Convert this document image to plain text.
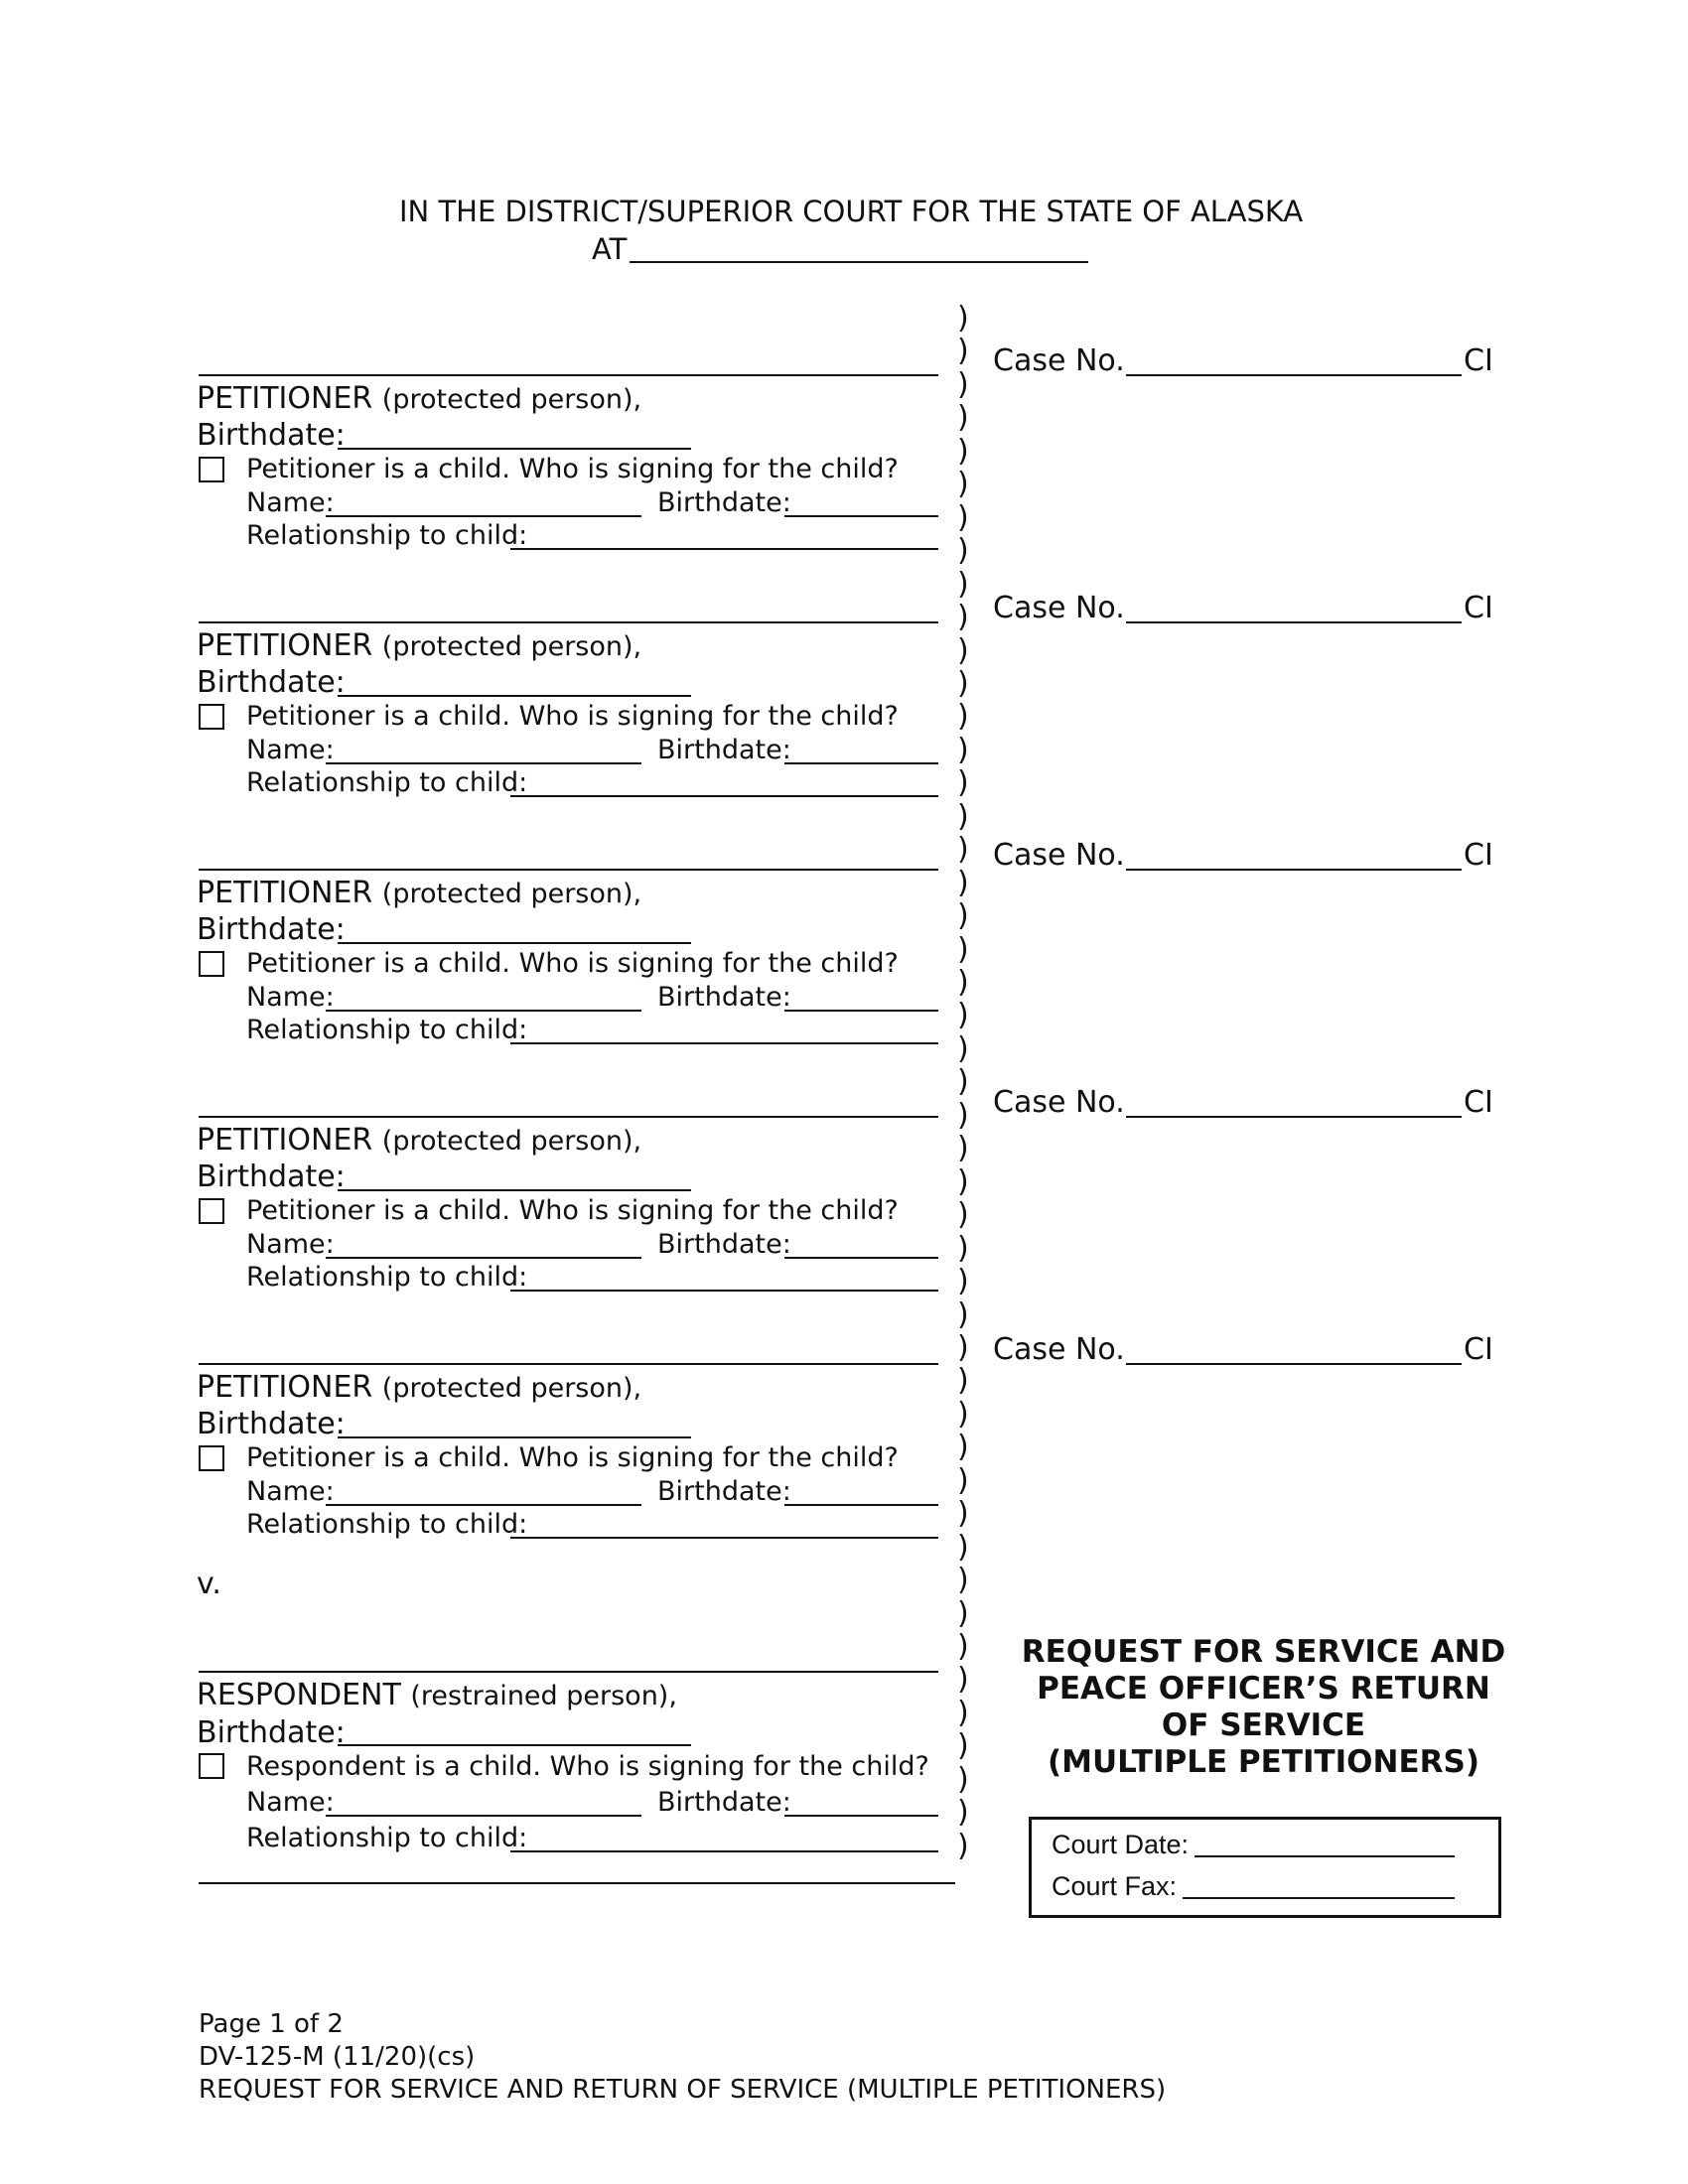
IN THE DISTRICT/SUPERIOR COURT FOR THE STATE OF ALASKA
AT
)
)
)
)
)
)
)
)
)
)
)
)
)
)
)
)
)
)
)
)
)
)
)
)
)
)
)
)
)
)
)
)
)
)
)
)
)
)
)
)
)
)
)
)
)
)
)
PETITIONER (protected person),
Birthdate:
Petitioner is a child. Who is signing for the child?
Name:	Birthdate:
Relationship to child:
PETITIONER (protected person),
Birthdate:
Petitioner is a child. Who is signing for the child?
Name:	Birthdate:
Relationship to child:
PETITIONER (protected person),
Birthdate:
Petitioner is a child. Who is signing for the child?
Name:	Birthdate:
Relationship to child:
PETITIONER (protected person),
Birthdate:
Petitioner is a child. Who is signing for the child?
Name:	Birthdate:
Relationship to child:
PETITIONER (protected person),
Birthdate:
Petitioner is a child. Who is signing for the child?
Name:	Birthdate:
Relationship to child:
Case No.	CI
Case No.	CI
Case No.	CI
Case No.	CI
Case No.	CI
v.
RESPONDENT (restrained person),
Birthdate:
Respondent is a child. Who is signing for the child?
Name:	Birthdate:
Relationship to child:
REQUEST FOR SERVICE AND
PEACE OFFICER’S RETURN
OF SERVICE
(MULTIPLE PETITIONERS)
Court Date:
Court Fax:
Page 1 of 2
DV-125-M (11/20)(cs)
REQUEST FOR SERVICE AND RETURN OF SERVICE (MULTIPLE PETITIONERS)
